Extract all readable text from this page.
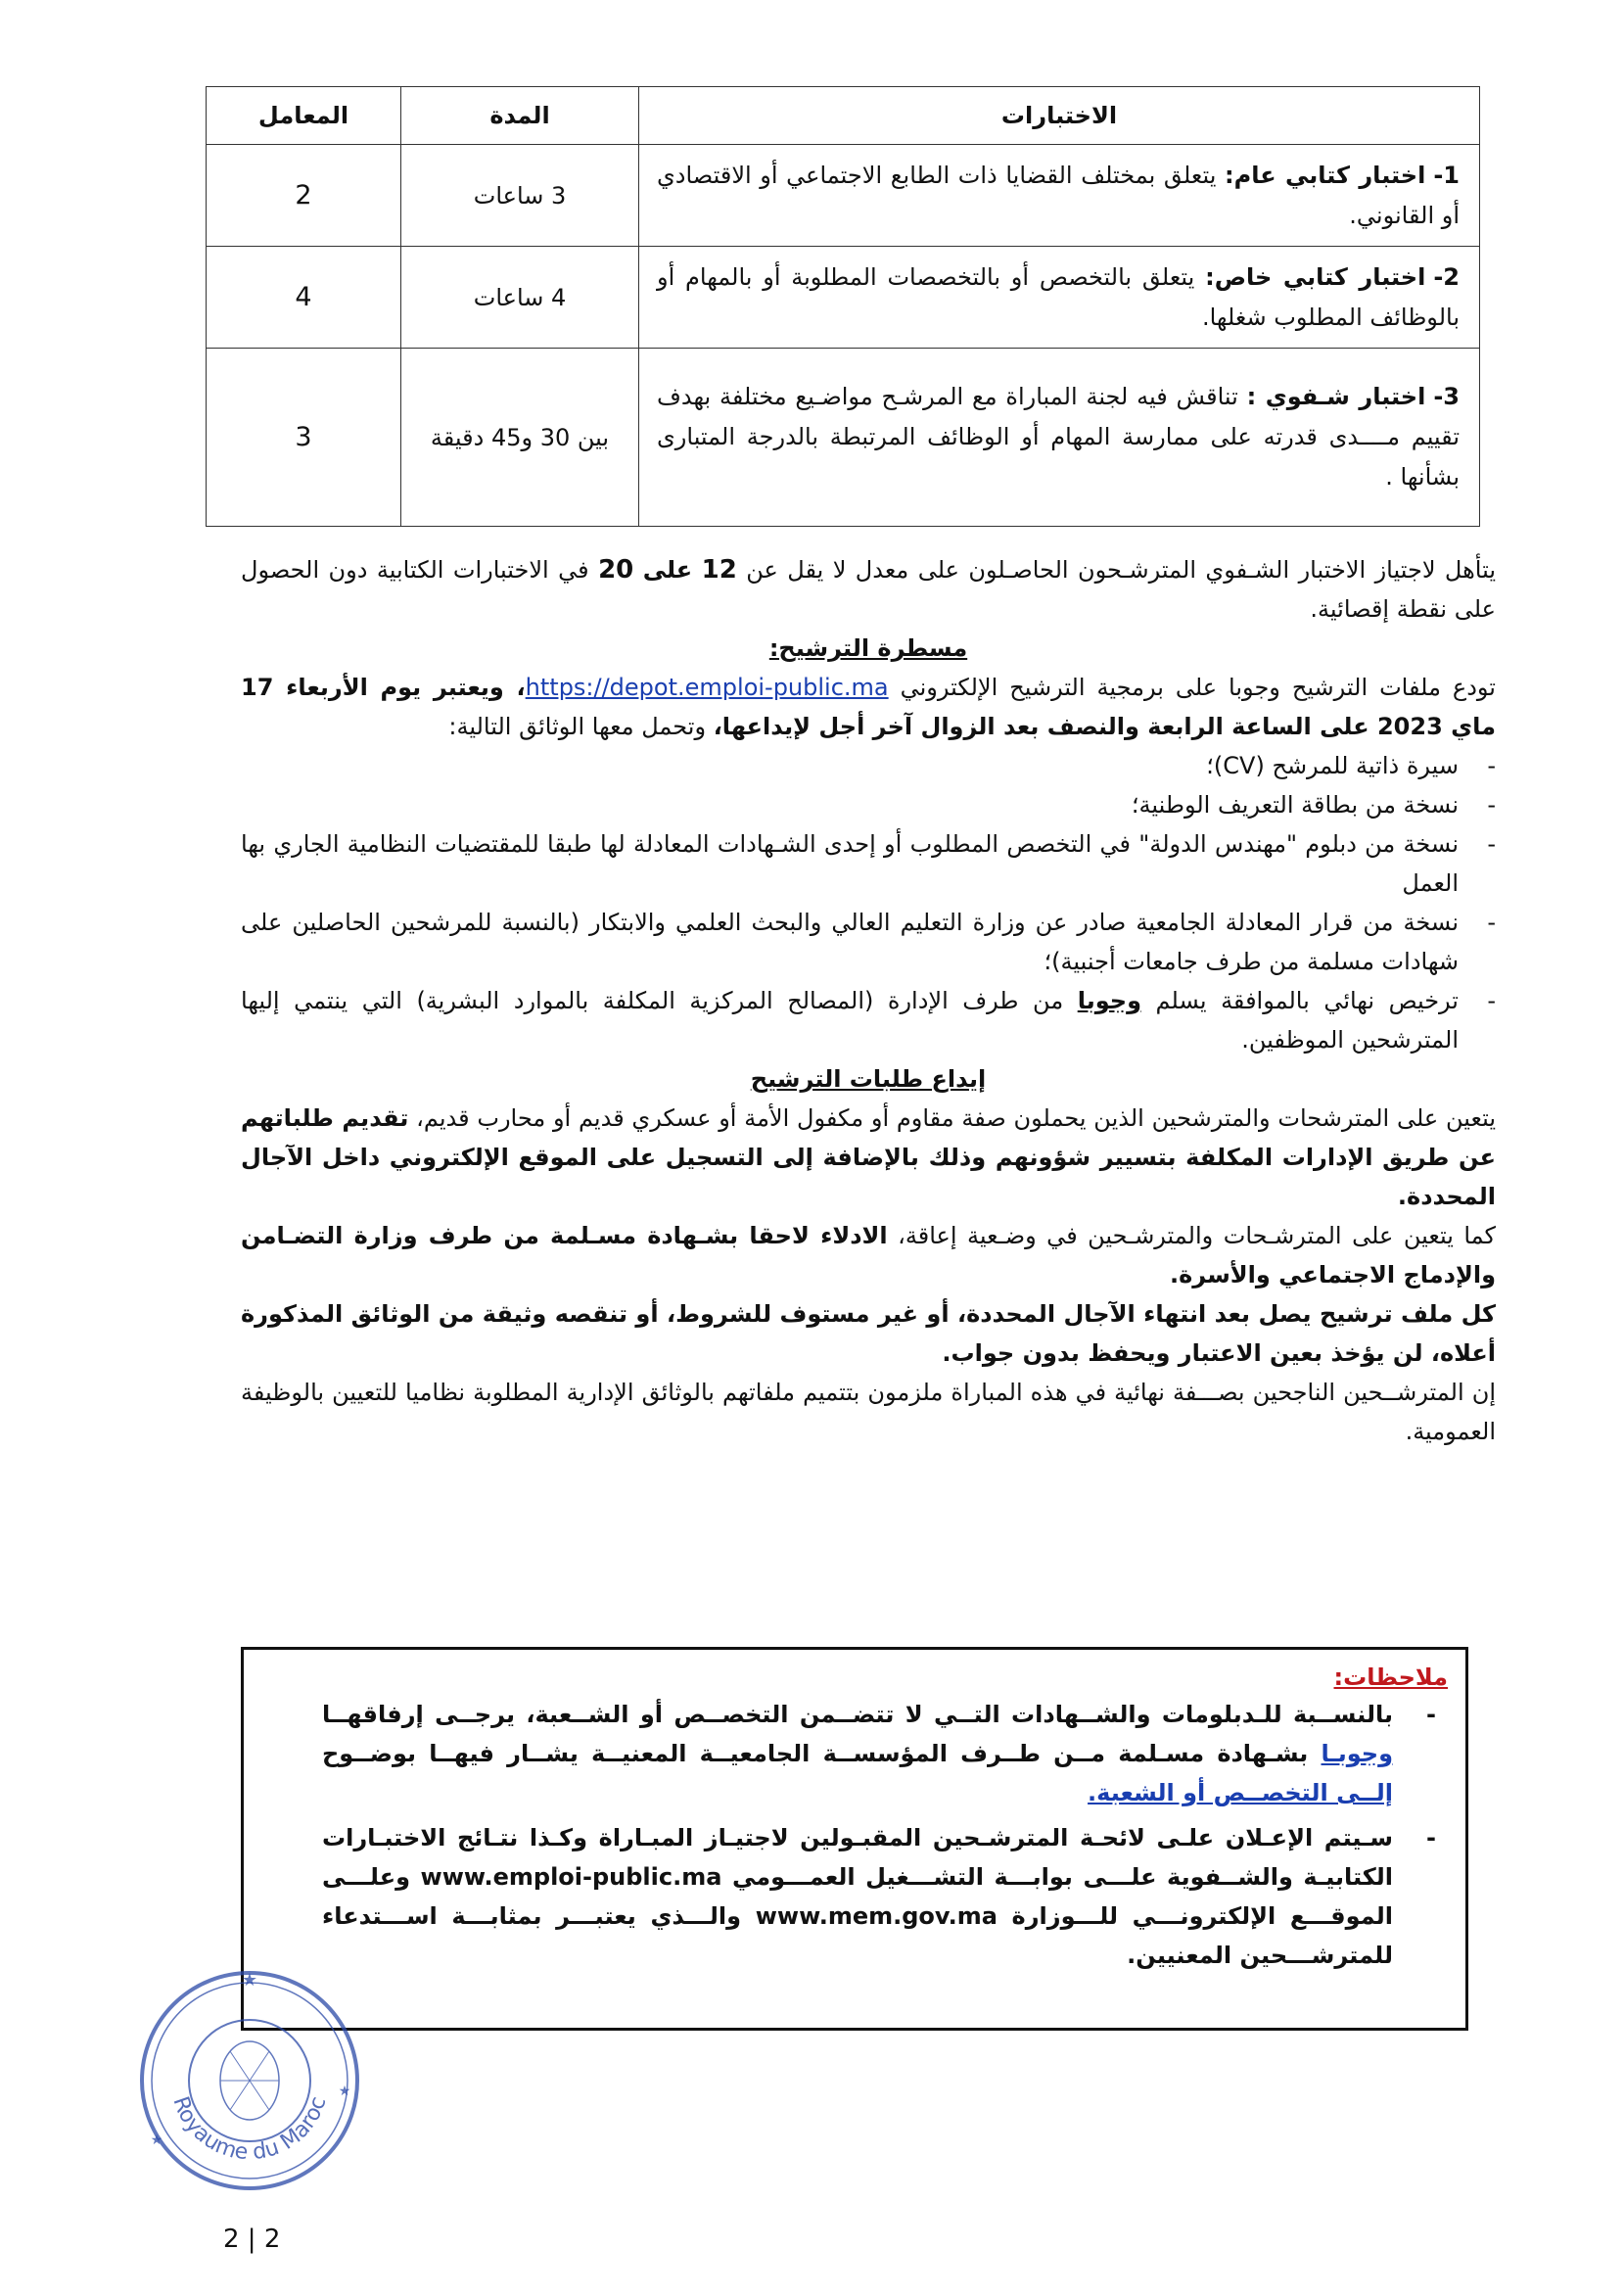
الاختبارات	المدة	المعامل
1-اختبار كتابي عام: يتعلق بمختلف القضايا ذات الطابع الاجتماعي أو الاقتصادي أو القانوني.	3 ساعات	2
2-اختبار كتابي خاص: يتعلق بالتخصص أو بالتخصصات المطلوبة أو بالمهام أو بالوظائف المطلوب شغلها.	4 ساعات	4
3-اختبار شـفوي : تناقش فيه لجنة المباراة مع المرشـح مواضـيع مختلفة بهدف تقييم مــــدى قدرته على ممارسة المهام أو الوظائف المرتبطة بالدرجة المتبارى بشأنها .	بين 30 و45 دقيقة	3

يتأهل لاجتياز الاختبار الشـفوي المترشـحون الحاصـلون على معدل لا يقل عن 12 على 20 في الاختبارات الكتابية دون الحصول على نقطة إقصائية.

مسطرة الترشيح:

تودع ملفات الترشيح وجوبا على برمجية الترشيح الإلكتروني https://depot.emploi-public.ma، ويعتبر يوم الأربعاء 17 ماي 2023 على الساعة الرابعة والنصف بعد الزوال آخر أجل لإيداعها، وتحمل معها الوثائق التالية:

- سيرة ذاتية للمرشح (CV)؛
- نسخة من بطاقة التعريف الوطنية؛
- نسخة من دبلوم "مهندس الدولة" في التخصص المطلوب أو إحدى الشـهادات المعادلة لها طبقا للمقتضيات النظامية الجاري بها العمل
- نسخة من قرار المعادلة الجامعية صادر عن وزارة التعليم العالي والبحث العلمي والابتكار (بالنسبة للمرشحين الحاصلين على شهادات مسلمة من طرف جامعات أجنبية)؛
- ترخيص نهائي بالموافقة يسلم وجوبا من طرف الإدارة (المصالح المركزية المكلفة بالموارد البشرية) التي ينتمي إليها المترشحين الموظفين.

إيداع طلبات الترشيح

يتعين على المترشحات والمترشحين الذين يحملون صفة مقاوم أو مكفول الأمة أو عسكري قديم أو محارب قديم، تقديم طلباتهم عن طريق الإدارات المكلفة بتسيير شؤونهم وذلك بالإضافة إلى التسجيل على الموقع الإلكتروني داخل الآجال المحددة.

كما يتعين على المترشـحات والمترشـحين في وضـعية إعاقة، الادلاء لاحقا بشـهادة مسـلمة من طرف وزارة التضـامن والإدماج الاجتماعي والأسرة.

كل ملف ترشيح يصل بعد انتهاء الآجال المحددة، أو غير مستوف للشروط، أو تنقصه وثيقة من الوثائق المذكورة أعلاه، لن يؤخذ بعين الاعتبار ويحفظ بدون جواب.

إن المترشــحين الناجحين بصـــفة نهائية في هذه المباراة ملزمون بتتميم ملفاتهم بالوثائق الإدارية المطلوبة نظاميا للتعيين بالوظيفة العمومية.

ملاحظات:

- بالنســبة للـدبلومات والشــهادات التــي لا تتضــمن التخصــص أو الشــعبة، يرجــى إرفاقهــا وجوبـا بشـهادة مسـلمة مــن طــرف المؤسســة الجامعيــة المعنيــة يشــار فيهــا بوضــوح إلــى التخصــص أو الشعبة.
- سـيتم الإعـلان علـى لائحـة المترشـحين المقبـولين لاجتيـاز المبـاراة وكـذا نتـائج الاختبـارات الكتابيـة والشــفوية علـــى بوابـــة التشـــغيل العمـــومي www.emploi-public.ma وعلـــى الموقـــع الإلكترونـــي للـــوزارة www.mem.gov.ma والـــذي يعتبـــر بمثابـــة اســـتدعاء للمترشـــحين المعنيين.
★
★
★
Royaume du Maroc
2 | 2
